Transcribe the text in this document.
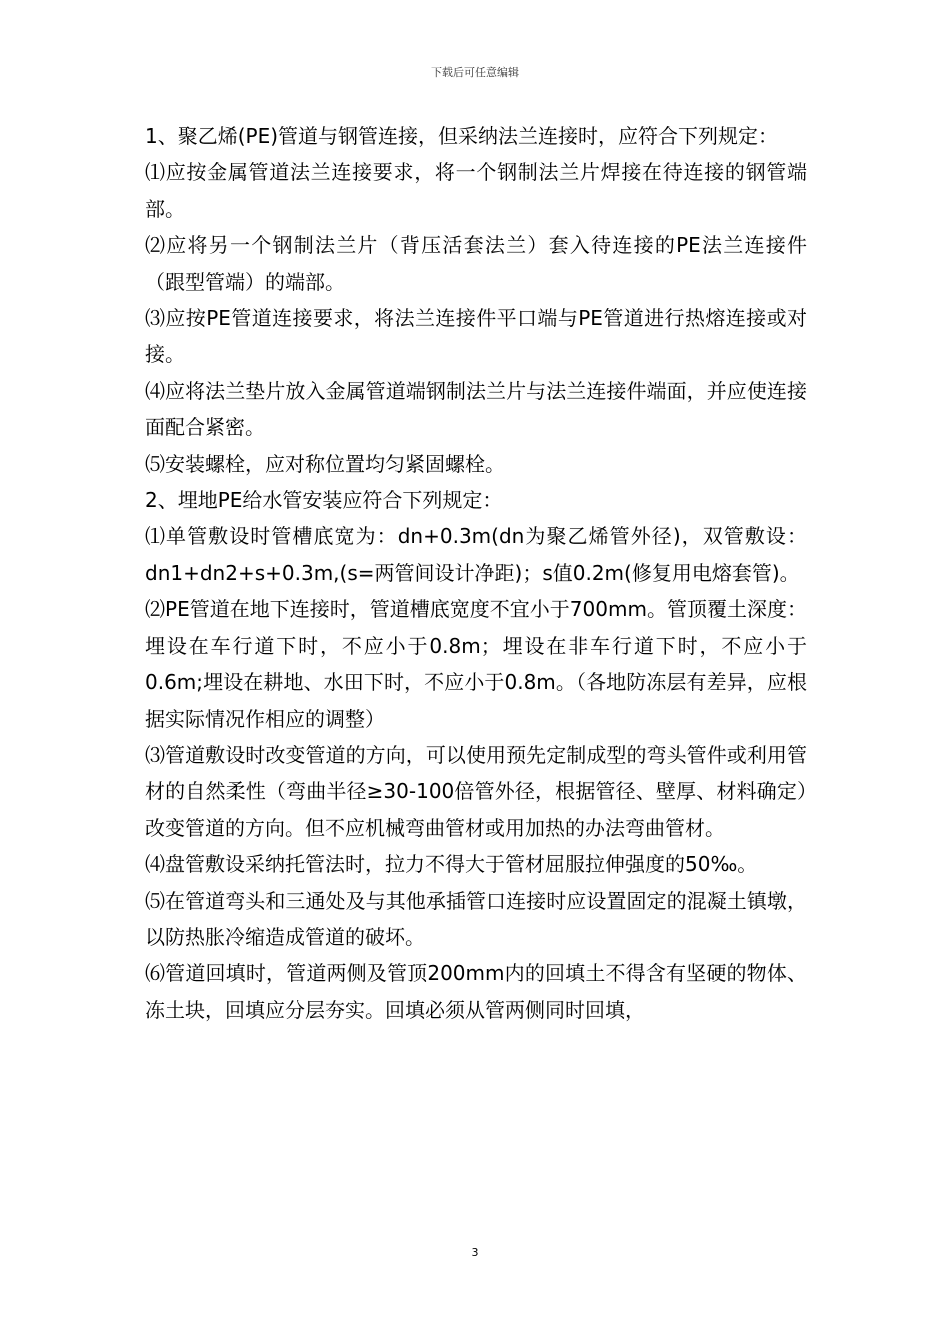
下载后可任意编辑

1、聚乙烯(PE)管道与钢管连接，但采纳法兰连接时，应符合下列规定：

⑴应按金属管道法兰连接要求，将一个钢制法兰片焊接在待连接的钢管端部。

⑵应将另一个钢制法兰片（背压活套法兰）套入待连接的PE法兰连接件（跟型管端）的端部。

⑶应按PE管道连接要求，将法兰连接件平口端与PE管道进行热熔连接或对接。

⑷应将法兰垫片放入金属管道端钢制法兰片与法兰连接件端面，并应使连接面配合紧密。

⑸安装螺栓，应对称位置均匀紧固螺栓。

2、埋地PE给水管安装应符合下列规定：

⑴单管敷设时管槽底宽为：dn+0.3m(dn为聚乙烯管外径)，双管敷设：dn1+dn2+s+0.3m,(s=两管间设计净距)；s值0.2m(修复用电熔套管)。

⑵PE管道在地下连接时，管道槽底宽度不宜小于700mm。管顶覆土深度：埋设在车行道下时，不应小于0.8m；埋设在非车行道下时，不应小于0.6m;埋设在耕地、水田下时，不应小于0.8m。（各地防冻层有差异，应根据实际情况作相应的调整）

⑶管道敷设时改变管道的方向，可以使用预先定制成型的弯头管件或利用管材的自然柔性（弯曲半径≥30-100倍管外径，根据管径、壁厚、材料确定）改变管道的方向。但不应机械弯曲管材或用加热的办法弯曲管材。

⑷盘管敷设采纳托管法时，拉力不得大于管材屈服拉伸强度的50‰。

⑸在管道弯头和三通处及与其他承插管口连接时应设置固定的混凝土镇墩，以防热胀冷缩造成管道的破坏。

⑹管道回填时，管道两侧及管顶200mm内的回填土不得含有坚硬的物体、冻土块，回填应分层夯实。回填必须从管两侧同时回填，

3
